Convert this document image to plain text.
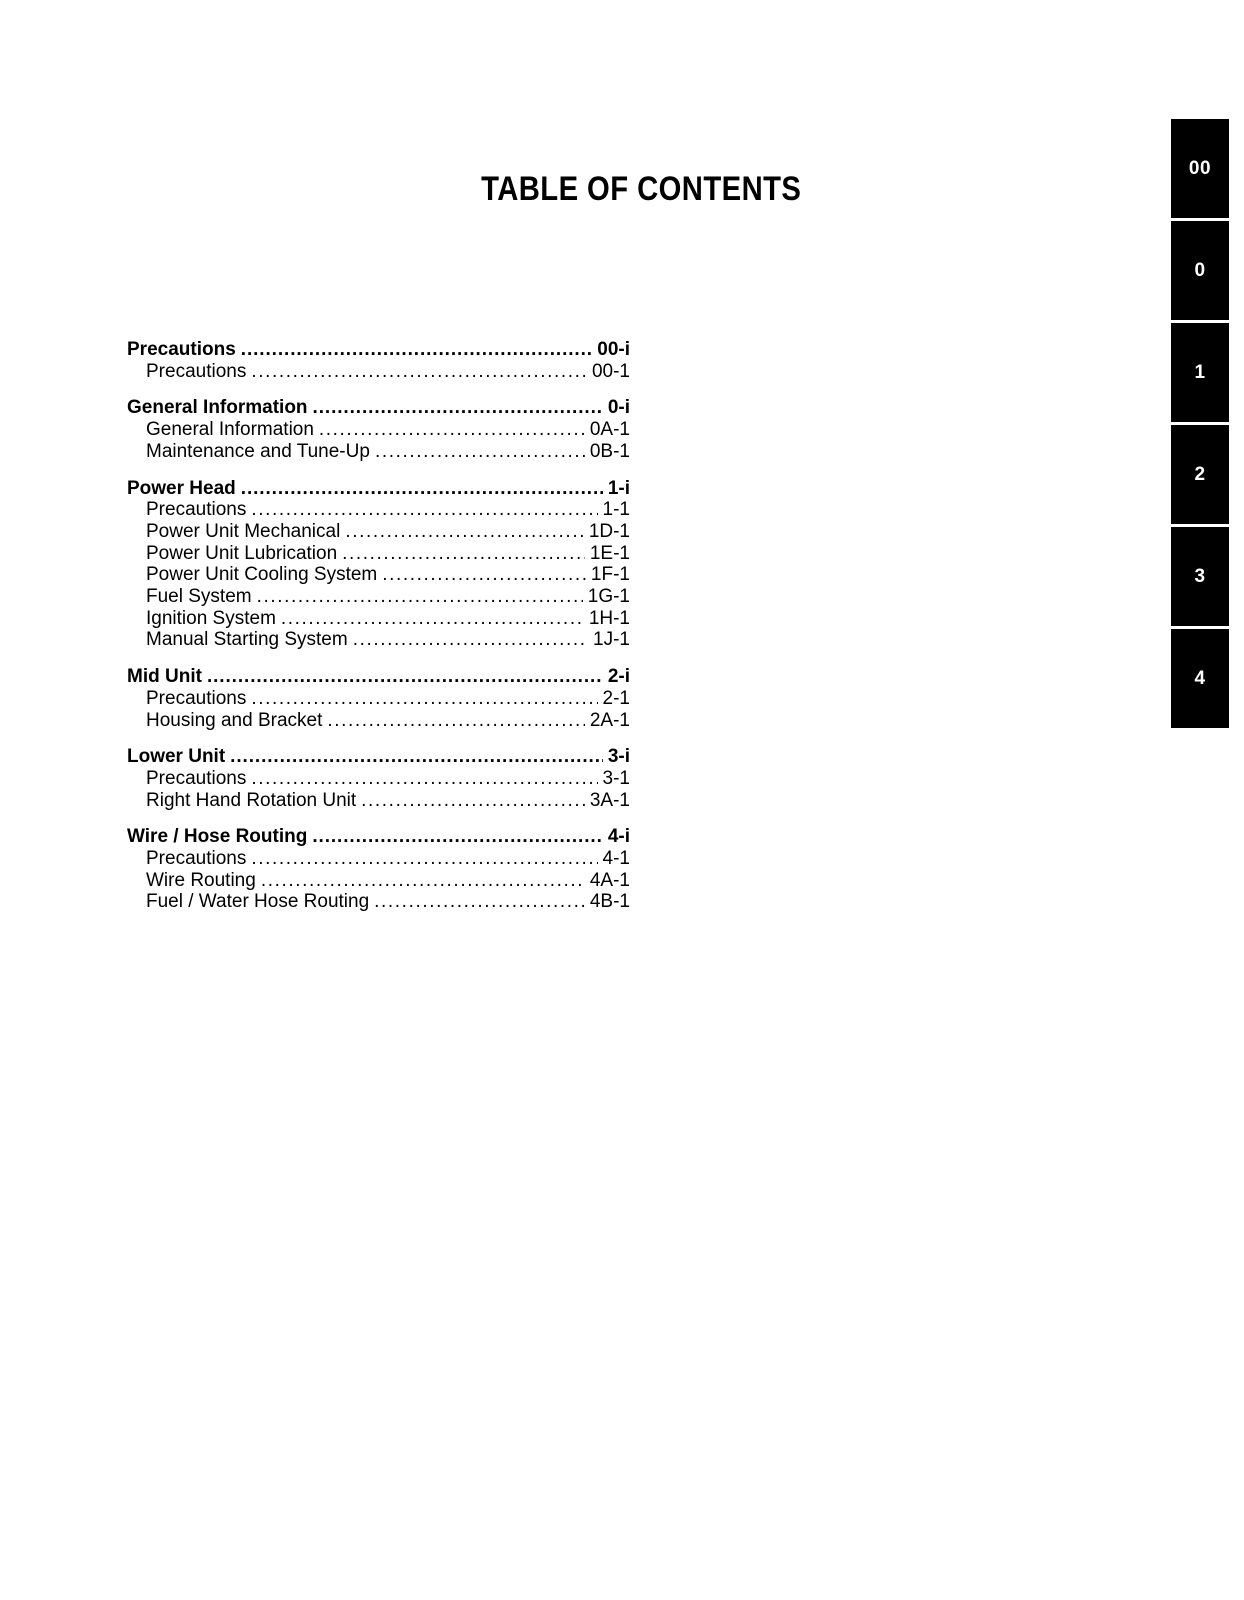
TABLE OF CONTENTS
Precautions .....	00-i
Precautions .....	00-1
General Information .....	0-i
General Information .....	0A-1
Maintenance and Tune-Up .....	0B-1
Power Head .....	1-i
Precautions .....	1-1
Power Unit Mechanical .....	1D-1
Power Unit Lubrication .....	1E-1
Power Unit Cooling System .....	1F-1
Fuel System .....	1G-1
Ignition System .....	1H-1
Manual Starting System .....	1J-1
Mid Unit .....	2-i
Precautions .....	2-1
Housing and Bracket .....	2A-1
Lower Unit .....	3-i
Precautions .....	3-1
Right Hand Rotation Unit .....	3A-1
Wire / Hose Routing .....	4-i
Precautions .....	4-1
Wire Routing .....	4A-1
Fuel / Water Hose Routing .....	4B-1
00
0
1
2
3
4
